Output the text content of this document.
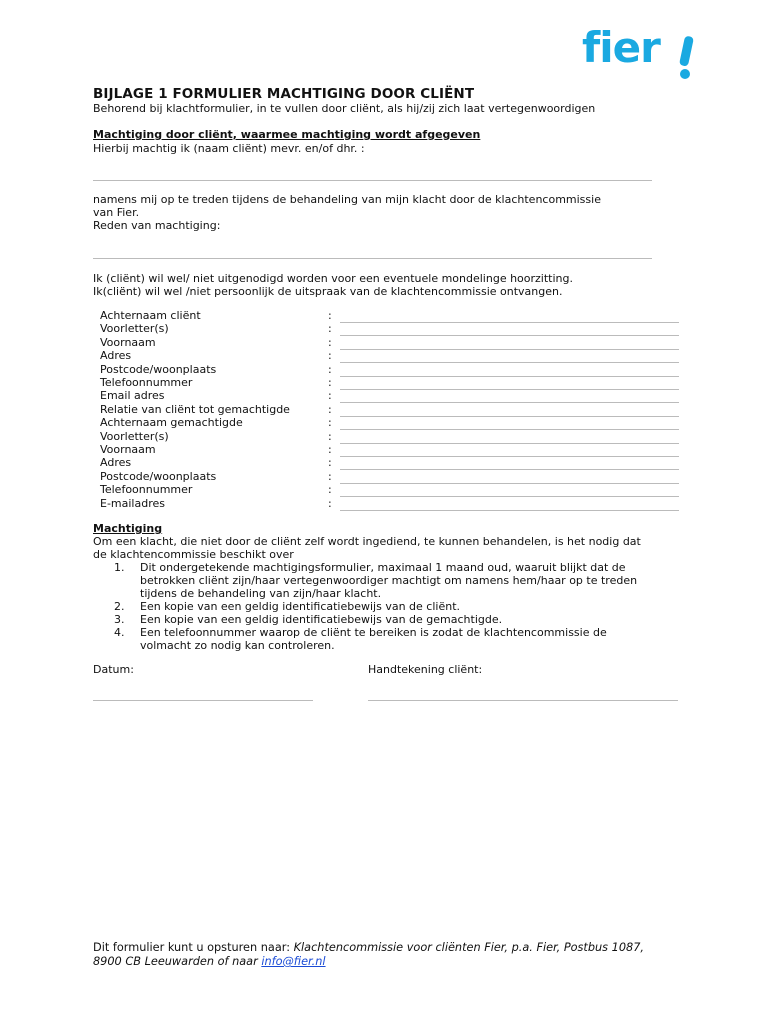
fier
BIJLAGE 1 FORMULIER MACHTIGING DOOR CLIËNT
Behorend bij klachtformulier, in te vullen door cliënt, als hij/zij zich laat vertegenwoordigen
Machtiging door cliënt, waarmee machtiging wordt afgegeven
Hierbij machtig ik (naam cliënt) mevr. en/of dhr. :
namens mij op te treden tijdens de behandeling van mijn klacht door de klachtencommissie
van Fier.
Reden van machtiging:
Ik (cliënt) wil wel/ niet uitgenodigd worden voor een eventuele mondelinge hoorzitting.
Ik(cliënt) wil wel /niet persoonlijk de uitspraak van de klachtencommissie ontvangen.
Achternaam cliënt	:
Voorletter(s)	:
Voornaam	:
Adres	:
Postcode/woonplaats	:
Telefoonnummer	:
Email adres	:
Relatie van cliënt tot gemachtigde	:
Achternaam gemachtigde	:
Voorletter(s)	:
Voornaam	:
Adres	:
Postcode/woonplaats	:
Telefoonnummer	:
E-mailadres	:
Machtiging
Om een klacht, die niet door de cliënt zelf wordt ingediend, te kunnen behandelen, is het nodig dat
de klachtencommissie beschikt over
1. Dit ondergetekende machtigingsformulier, maximaal 1 maand oud, waaruit blijkt dat de
betrokken cliënt zijn/haar vertegenwoordiger machtigt om namens hem/haar op te treden
tijdens de behandeling van zijn/haar klacht.
2. Een kopie van een geldig identificatiebewijs van de cliënt.
3. Een kopie van een geldig identificatiebewijs van de gemachtigde.
4. Een telefoonnummer waarop de cliënt te bereiken is zodat de klachtencommissie de
volmacht zo nodig kan controleren.
Datum:	Handtekening cliënt:
Dit formulier kunt u opsturen naar: Klachtencommissie voor cliënten Fier, p.a. Fier, Postbus 1087,
8900 CB Leeuwarden of naar info@fier.nl
